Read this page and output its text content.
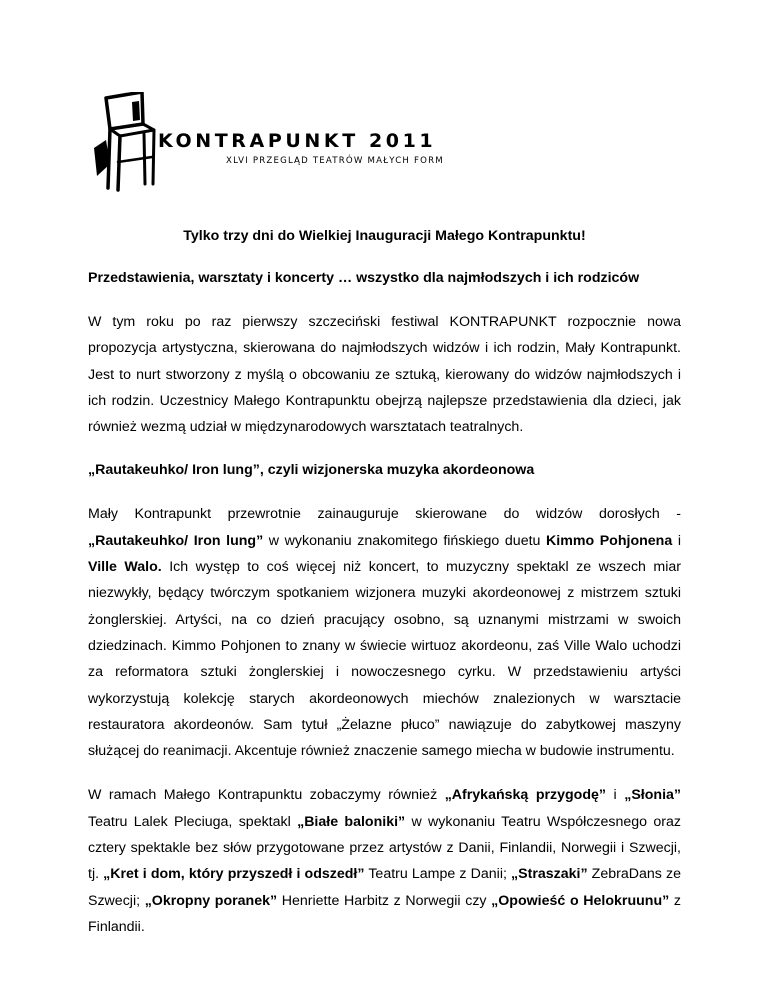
KONTRAPUNKT 2011
XLVI PRZEGLĄD TEATRÓW MAŁYCH FORM

Tylko trzy dni do Wielkiej Inauguracji Małego Kontrapunktu!

Przedstawienia, warsztaty i koncerty … wszystko dla najmłodszych i ich rodziców

W tym roku po raz pierwszy szczeciński festiwal KONTRAPUNKT rozpocznie nowa propozycja artystyczna, skierowana do najmłodszych widzów i ich rodzin, Mały Kontrapunkt. Jest to nurt stworzony z myślą o obcowaniu ze sztuką, kierowany do widzów najmłodszych i ich rodzin. Uczestnicy Małego Kontrapunktu obejrzą najlepsze przedstawienia dla dzieci, jak również wezmą udział w międzynarodowych warsztatach teatralnych.

„Rautakeuhko/ Iron lung”, czyli wizjonerska muzyka akordeonowa

Mały Kontrapunkt przewrotnie zainauguruje skierowane do widzów dorosłych - „Rautakeuhko/ Iron lung” w wykonaniu znakomitego fińskiego duetu Kimmo Pohjonena i Ville Walo. Ich występ to coś więcej niż koncert, to muzyczny spektakl ze wszech miar niezwykły, będący twórczym spotkaniem wizjonera muzyki akordeonowej z mistrzem sztuki żonglerskiej. Artyści, na co dzień pracujący osobno, są uznanymi mistrzami w swoich dziedzinach. Kimmo Pohjonen to znany w świecie wirtuoz akordeonu, zaś Ville Walo uchodzi za reformatora sztuki żonglerskiej i nowoczesnego cyrku. W przedstawieniu artyści wykorzystują kolekcję starych akordeonowych miechów znalezionych w warsztacie restauratora akordeonów. Sam tytuł „Żelazne płuco” nawiązuje do zabytkowej maszyny służącej do reanimacji. Akcentuje również znaczenie samego miecha w budowie instrumentu.

W ramach Małego Kontrapunktu zobaczymy również „Afrykańską przygodę” i „Słonia” Teatru Lalek Pleciuga, spektakl „Białe baloniki” w wykonaniu Teatru Współczesnego oraz cztery spektakle bez słów przygotowane przez artystów z Danii, Finlandii, Norwegii i Szwecji, tj. „Kret i dom, który przyszedł i odszedł” Teatru Lampe z Danii; „Straszaki” ZebraDans ze Szwecji; „Okropny poranek” Henriette Harbitz z Norwegii czy „Opowieść o Helokruunu” z Finlandii.
